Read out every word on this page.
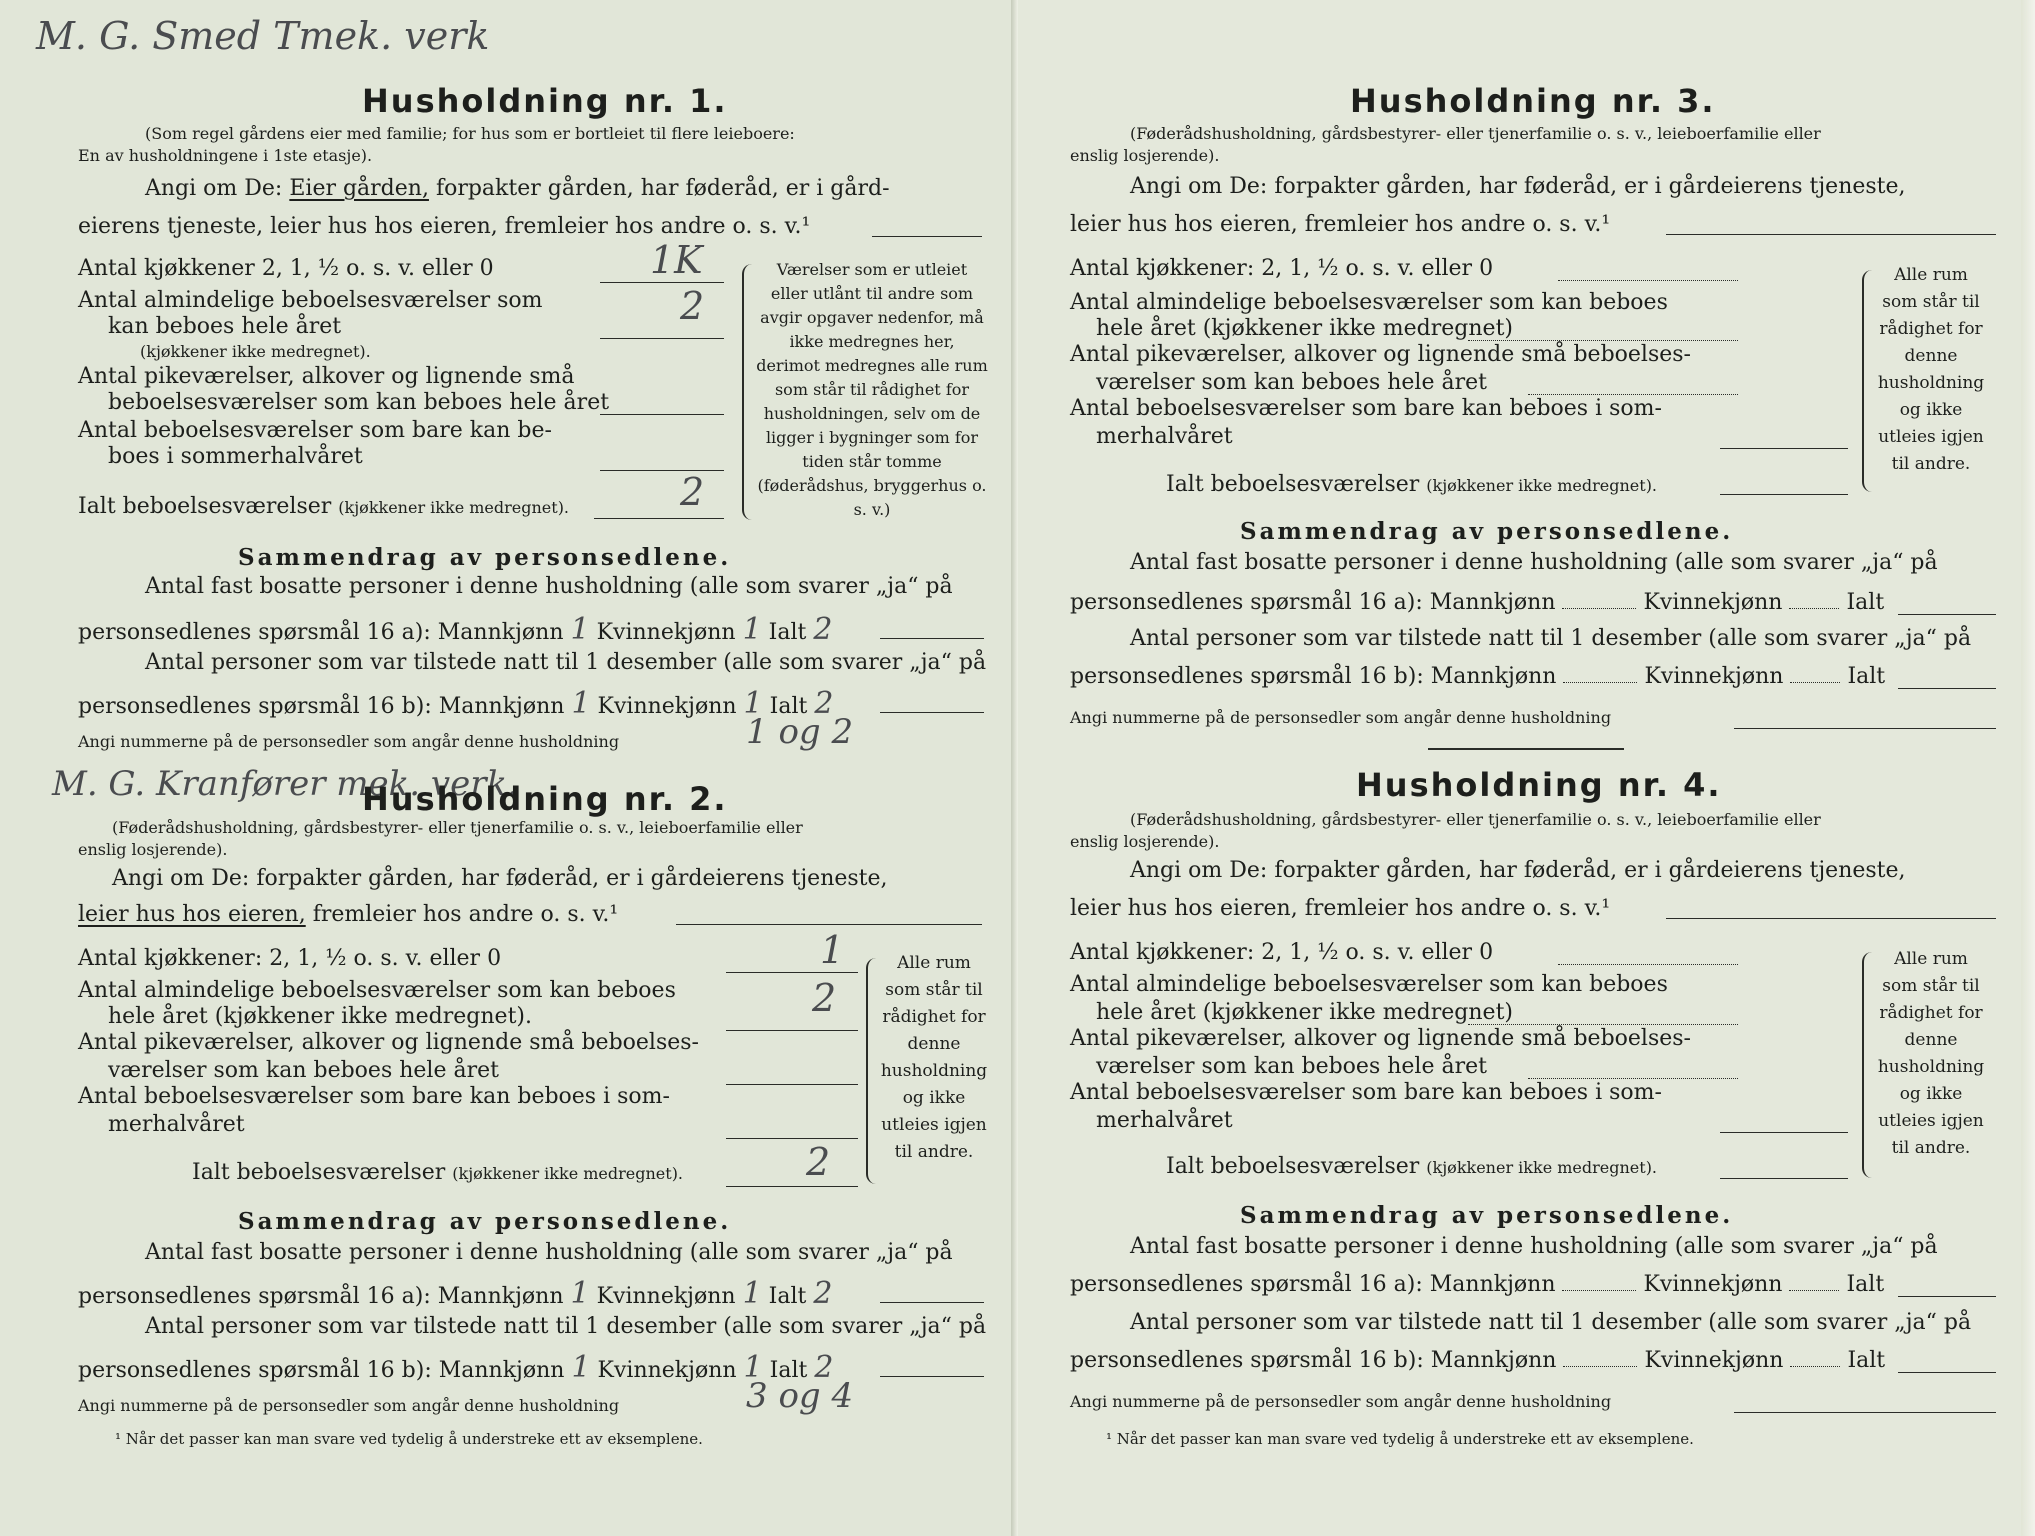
M. G. Smed Tmek. verk
Husholdning nr. 1.
(Som regel gårdens eier med familie; for hus som er bortleiet til flere leieboere:
En av husholdningene i 1ste etasje).
Angi om De: Eier gården, forpakter gården, har føderåd, er i gård-
eierens tjeneste, leier hus hos eieren, fremleier hos andre o. s. v.¹
Antal kjøkkener 2, 1, ½ o. s. v. eller 0	1K
Antal almindelige beboelsesværelser som
kan beboes hele året	2
(kjøkkener ikke medregnet).
Antal pikeværelser, alkover og lignende små
beboelsesværelser som kan beboes hele året
Antal beboelsesværelser som bare kan be-
boes i sommerhalvåret
Ialt beboelsesværelser (kjøkkener ikke medregnet).	2
Værelser som er utleiet eller utlånt til andre som avgir opgaver nedenfor, må ikke medregnes her, derimot medregnes alle rum som står til rådighet for husholdningen, selv om de ligger i bygninger som for tiden står tomme (føderådshus, bryggerhus o. s. v.)
Sammendrag av personsedlene.
Antal fast bosatte personer i denne husholdning (alle som svarer „ja“ på
personsedlenes spørsmål 16 a): Mannkjønn 1 Kvinnekjønn 1 Ialt 2
Antal personer som var tilstede natt til 1 desember (alle som svarer „ja“ på
personsedlenes spørsmål 16 b): Mannkjønn 1 Kvinnekjønn 1 Ialt 2
Angi nummerne på de personsedler som angår denne husholdning	1 og 2
M. G. Kranfører mek. verk.
Husholdning nr. 2.
(Føderådshusholdning, gårdsbestyrer- eller tjenerfamilie o. s. v., leieboerfamilie eller
enslig losjerende).
Angi om De: forpakter gården, har føderåd, er i gårdeierens tjeneste,
leier hus hos eieren, fremleier hos andre o. s. v.¹
Antal kjøkkener: 2, 1, ½ o. s. v. eller 0	1
Antal almindelige beboelsesværelser som kan beboes
hele året (kjøkkener ikke medregnet).	2
Antal pikeværelser, alkover og lignende små beboelses-
værelser som kan beboes hele året
Antal beboelsesværelser som bare kan beboes i som-
merhalvåret
Ialt beboelsesværelser (kjøkkener ikke medregnet).	2
Alle rum som står til rådighet for denne husholdning og ikke utleies igjen til andre.
Sammendrag av personsedlene.
Antal fast bosatte personer i denne husholdning (alle som svarer „ja“ på
personsedlenes spørsmål 16 a): Mannkjønn 1 Kvinnekjønn 1 Ialt 2
Antal personer som var tilstede natt til 1 desember (alle som svarer „ja“ på
personsedlenes spørsmål 16 b): Mannkjønn 1 Kvinnekjønn 1 Ialt 2
Angi nummerne på de personsedler som angår denne husholdning	3 og 4
¹ Når det passer kan man svare ved tydelig å understreke ett av eksemplene.
Husholdning nr. 3.
(Føderådshusholdning, gårdsbestyrer- eller tjenerfamilie o. s. v., leieboerfamilie eller
enslig losjerende).
Angi om De: forpakter gården, har føderåd, er i gårdeierens tjeneste,
leier hus hos eieren, fremleier hos andre o. s. v.¹
Antal kjøkkener: 2, 1, ½ o. s. v. eller 0
Antal almindelige beboelsesværelser som kan beboes
hele året (kjøkkener ikke medregnet)
Antal pikeværelser, alkover og lignende små beboelses-
værelser som kan beboes hele året
Antal beboelsesværelser som bare kan beboes i som-
merhalvåret
Ialt beboelsesværelser (kjøkkener ikke medregnet).
Alle rum som står til rådighet for denne husholdning og ikke utleies igjen til andre.
Sammendrag av personsedlene.
Antal fast bosatte personer i denne husholdning (alle som svarer „ja“ på
personsedlenes spørsmål 16 a): Mannkjønn	Kvinnekjønn	Ialt
Antal personer som var tilstede natt til 1 desember (alle som svarer „ja“ på
personsedlenes spørsmål 16 b): Mannkjønn	Kvinnekjønn	Ialt
Angi nummerne på de personsedler som angår denne husholdning
Husholdning nr. 4.
(Føderådshusholdning, gårdsbestyrer- eller tjenerfamilie o. s. v., leieboerfamilie eller
enslig losjerende).
Angi om De: forpakter gården, har føderåd, er i gårdeierens tjeneste,
leier hus hos eieren, fremleier hos andre o. s. v.¹
Antal kjøkkener: 2, 1, ½ o. s. v. eller 0
Antal almindelige beboelsesværelser som kan beboes
hele året (kjøkkener ikke medregnet)
Antal pikeværelser, alkover og lignende små beboelses-
værelser som kan beboes hele året
Antal beboelsesværelser som bare kan beboes i som-
merhalvåret
Ialt beboelsesværelser (kjøkkener ikke medregnet).
Alle rum som står til rådighet for denne husholdning og ikke utleies igjen til andre.
Sammendrag av personsedlene.
Antal fast bosatte personer i denne husholdning (alle som svarer „ja“ på
personsedlenes spørsmål 16 a): Mannkjønn	Kvinnekjønn	Ialt
Antal personer som var tilstede natt til 1 desember (alle som svarer „ja“ på
personsedlenes spørsmål 16 b): Mannkjønn	Kvinnekjønn	Ialt
Angi nummerne på de personsedler som angår denne husholdning
¹ Når det passer kan man svare ved tydelig å understreke ett av eksemplene.
